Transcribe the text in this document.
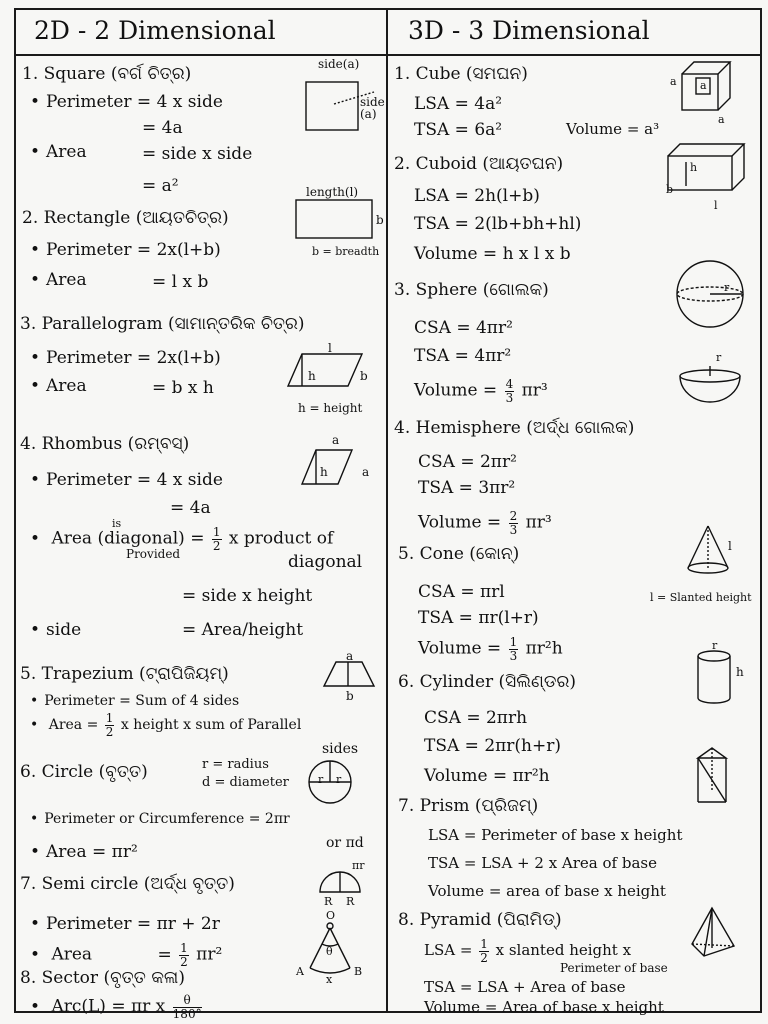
2D - 2 Dimensional
1. Square (ବର୍ଗ ଚିତ୍ର)
• Perimeter = 4 x side
= 4a
• Area	= side x side
= a²
side(a)
side (a)
2. Rectangle (ଆୟତଚିତ୍ର)
• Perimeter = 2x(l+b)
• Area	= l x b
length(l)
b
b = breadth
3. Parallelogram (ସାମାନ୍ତରିକ ଚିତ୍ର)
• Perimeter = 2x(l+b)
• Area	= b x h
l
b
h
h = height
4. Rhombus (ରମ୍ବସ୍)
• Perimeter = 4 x side
= 4a
• Area (diagonal) = $\frac{1}{2}$ x product of
is
Provided	diagonal
= side x height
• side	= Area/height
a
a
h
5. Trapezium (ଟ୍ରାପିଜିୟମ୍)
• Perimeter = Sum of 4 sides
• Area = $\frac{1}{2}$ x height x sum of Parallel
sides
a
b
6. Circle (ବୃତ୍ତ)	r = radius
d = diameter
• Perimeter or Circumference = 2πr
or πd
• Area = πr²
r r
7. Semi circle (ଅର୍ଦ୍ଧ ବୃତ୍ତ)
• Perimeter = πr + 2r
• Area	= $\frac{1}{2} \pi r^2$
πr
R R
8. Sector (ବୃତ୍ତ କଳା)
• Arc(L) = πr x $\frac{\theta}{180^\circ}$
O
A	B
x
θ
3D - 3 Dimensional
1. Cube (ସମଘନ)
LSA = 4a²
TSA = 6a²	Volume = a³
a a
a
2. Cuboid (ଆୟତଘନ)
LSA = 2h(l+b)
TSA = 2(lb+bh+hl)
Volume = h x l x b
h
b
l
3. Sphere (ଗୋଲକ)
CSA = 4πr²
TSA = 4πr²
Volume = $\frac{4}{3} \pi r^3$
r
r
4. Hemisphere (ଅର୍ଦ୍ଧ ଗୋଲକ)
CSA = 2πr²
TSA = 3πr²
Volume = $\frac{2}{3} \pi r^3$
5. Cone (କୋନ୍)
CSA = πrl
TSA = πr(l+r)
Volume = $\frac{1}{3} \pi r^2h$
l
l = Slanted height
6. Cylinder (ସିଲିଣ୍ଡର)
CSA = 2πrh
TSA = 2πr(h+r)
Volume = πr²h
r
h
7. Prism (ପ୍ରିଜମ୍)
LSA = Perimeter of base x height
TSA = LSA + 2 x Area of base
Volume = area of base x height
8. Pyramid (ପିରାମିଡ୍)
LSA = $\frac{1}{2}$ x slanted height x
Perimeter of base
TSA = LSA + Area of base
Volume = Area of base x height
